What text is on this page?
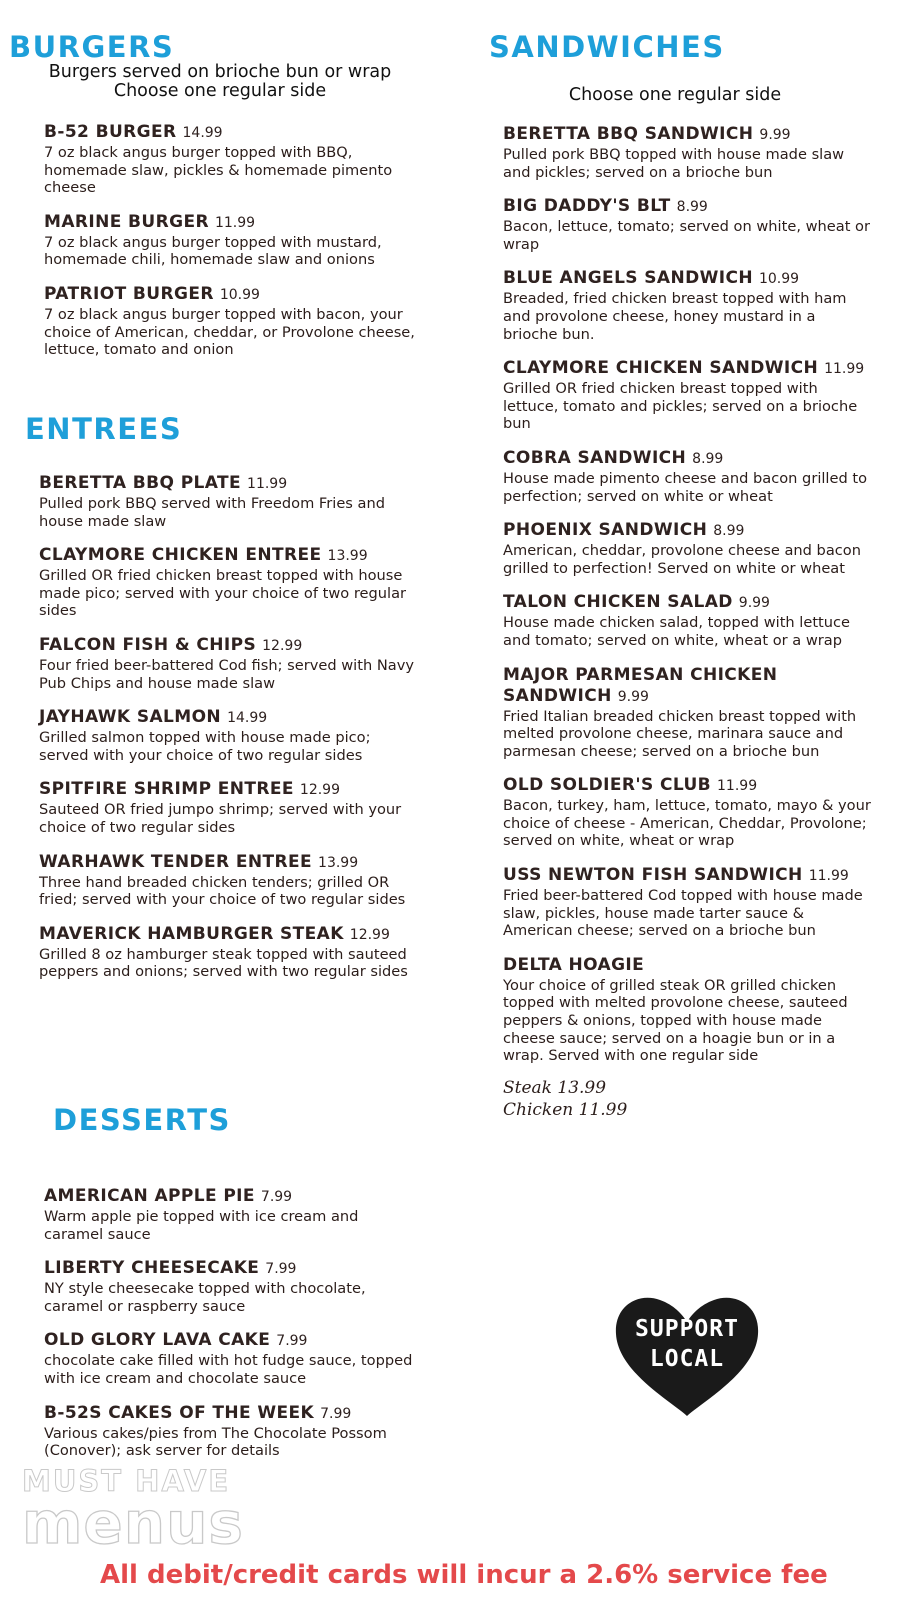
BURGERS

Burgers served on brioche bun or wrap

Choose one regular side

B-52 BURGER 14.99
7 oz black angus burger topped with BBQ, homemade slaw, pickles & homemade pimento cheese
MARINE BURGER 11.99
7 oz black angus burger topped with mustard, homemade chili, homemade slaw and onions
PATRIOT BURGER 10.99
7 oz black angus burger topped with bacon, your choice of American, cheddar, or Provolone cheese, lettuce, tomato and onion
ENTREES
BERETTA BBQ PLATE 11.99
Pulled pork BBQ served with Freedom Fries and house made slaw
CLAYMORE CHICKEN ENTREE 13.99
Grilled OR fried chicken breast topped with house made pico; served with your choice of two regular sides
FALCON FISH & CHIPS 12.99
Four fried beer-battered Cod fish; served with Navy Pub Chips and house made slaw
JAYHAWK SALMON 14.99
Grilled salmon topped with house made pico; served with your choice of two regular sides
SPITFIRE SHRIMP ENTREE 12.99
Sauteed OR fried jumpo shrimp; served with your choice of two regular sides
WARHAWK TENDER ENTREE 13.99
Three hand breaded chicken tenders; grilled OR fried; served with your choice of two regular sides
MAVERICK HAMBURGER STEAK 12.99
Grilled 8 oz hamburger steak topped with sauteed peppers and onions; served with two regular sides
DESSERTS
AMERICAN APPLE PIE 7.99
Warm apple pie topped with ice cream and caramel sauce
LIBERTY CHEESECAKE 7.99
NY style cheesecake topped with chocolate, caramel or raspberry sauce
OLD GLORY LAVA CAKE 7.99
chocolate cake filled with hot fudge sauce, topped with ice cream and chocolate sauce
B-52S CAKES OF THE WEEK 7.99
Various cakes/pies from The Chocolate Possom (Conover); ask server for details
SANDWICHES

Choose one regular side

BERETTA BBQ SANDWICH 9.99
Pulled pork BBQ topped with house made slaw and pickles; served on a brioche bun
BIG DADDY'S BLT 8.99
Bacon, lettuce, tomato; served on white, wheat or wrap
BLUE ANGELS SANDWICH 10.99
Breaded, fried chicken breast topped with ham and provolone cheese, honey mustard in a brioche bun.
CLAYMORE CHICKEN SANDWICH 11.99
Grilled OR fried chicken breast topped with lettuce, tomato and pickles; served on a brioche bun
COBRA SANDWICH 8.99
House made pimento cheese and bacon grilled to perfection; served on white or wheat
PHOENIX SANDWICH 8.99
American, cheddar, provolone cheese and bacon grilled to perfection! Served on white or wheat
TALON CHICKEN SALAD 9.99
House made chicken salad, topped with lettuce and tomato; served on white, wheat or a wrap
MAJOR PARMESAN CHICKEN SANDWICH 9.99
Fried Italian breaded chicken breast topped with melted provolone cheese, marinara sauce and parmesan cheese; served on a brioche bun
OLD SOLDIER'S CLUB 11.99
Bacon, turkey, ham, lettuce, tomato, mayo & your choice of cheese - American, Cheddar, Provolone; served on white, wheat or wrap
USS NEWTON FISH SANDWICH 11.99
Fried beer-battered Cod topped with house made slaw, pickles, house made tarter sauce & American cheese; served on a brioche bun
DELTA HOAGIE
Your choice of grilled steak OR grilled chicken topped with melted provolone cheese, sauteed peppers & onions, topped with house made cheese sauce; served on a hoagie bun or in a wrap. Served with one regular side

Steak 13.99

Chicken 11.99

SUPPORT
LOCAL
MUST HAVE
menus

All debit/credit cards will incur a 2.6% service fee
